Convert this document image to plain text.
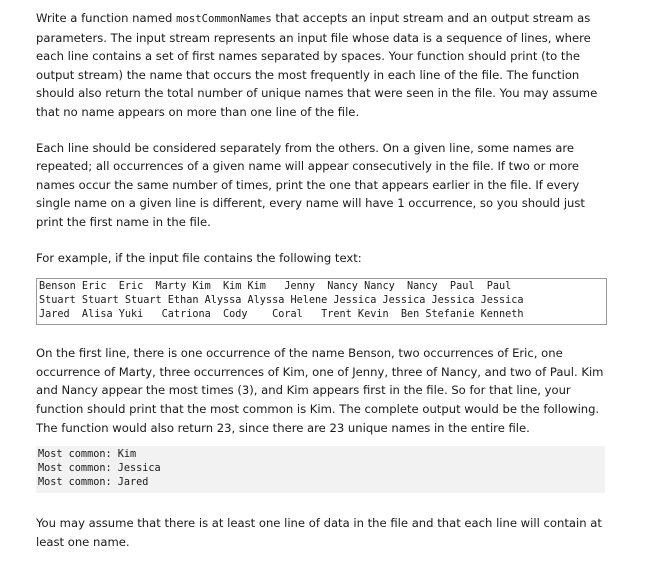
Write a function named mostCommonNames that accepts an input stream and an output stream as parameters. The input stream represents an input file whose data is a sequence of lines, where each line contains a set of first names separated by spaces. Your function should print (to the output stream) the name that occurs the most frequently in each line of the file. The function should also return the total number of unique names that were seen in the file. You may assume that no name appears on more than one line of the file.

Each line should be considered separately from the others. On a given line, some names are repeated; all occurrences of a given name will appear consecutively in the file. If two or more names occur the same number of times, print the one that appears earlier in the file. If every single name on a given line is different, every name will have 1 occurrence, so you should just print the first name in the file.

For example, if the input file contains the following text:

Benson Eric  Eric  Marty Kim  Kim Kim   Jenny  Nancy Nancy  Nancy  Paul  Paul
Stuart Stuart Stuart Ethan Alyssa Alyssa Helene Jessica Jessica Jessica Jessica
Jared  Alisa Yuki   Catriona  Cody    Coral   Trent Kevin  Ben Stefanie Kenneth

On the first line, there is one occurrence of the name Benson, two occurrences of Eric, one occurrence of Marty, three occurrences of Kim, one of Jenny, three of Nancy, and two of Paul. Kim and Nancy appear the most times (3), and Kim appears first in the file. So for that line, your function should print that the most common is Kim. The complete output would be the following. The function would also return 23, since there are 23 unique names in the entire file.

Most common: Kim
Most common: Jessica
Most common: Jared

You may assume that there is at least one line of data in the file and that each line will contain at least one name.
